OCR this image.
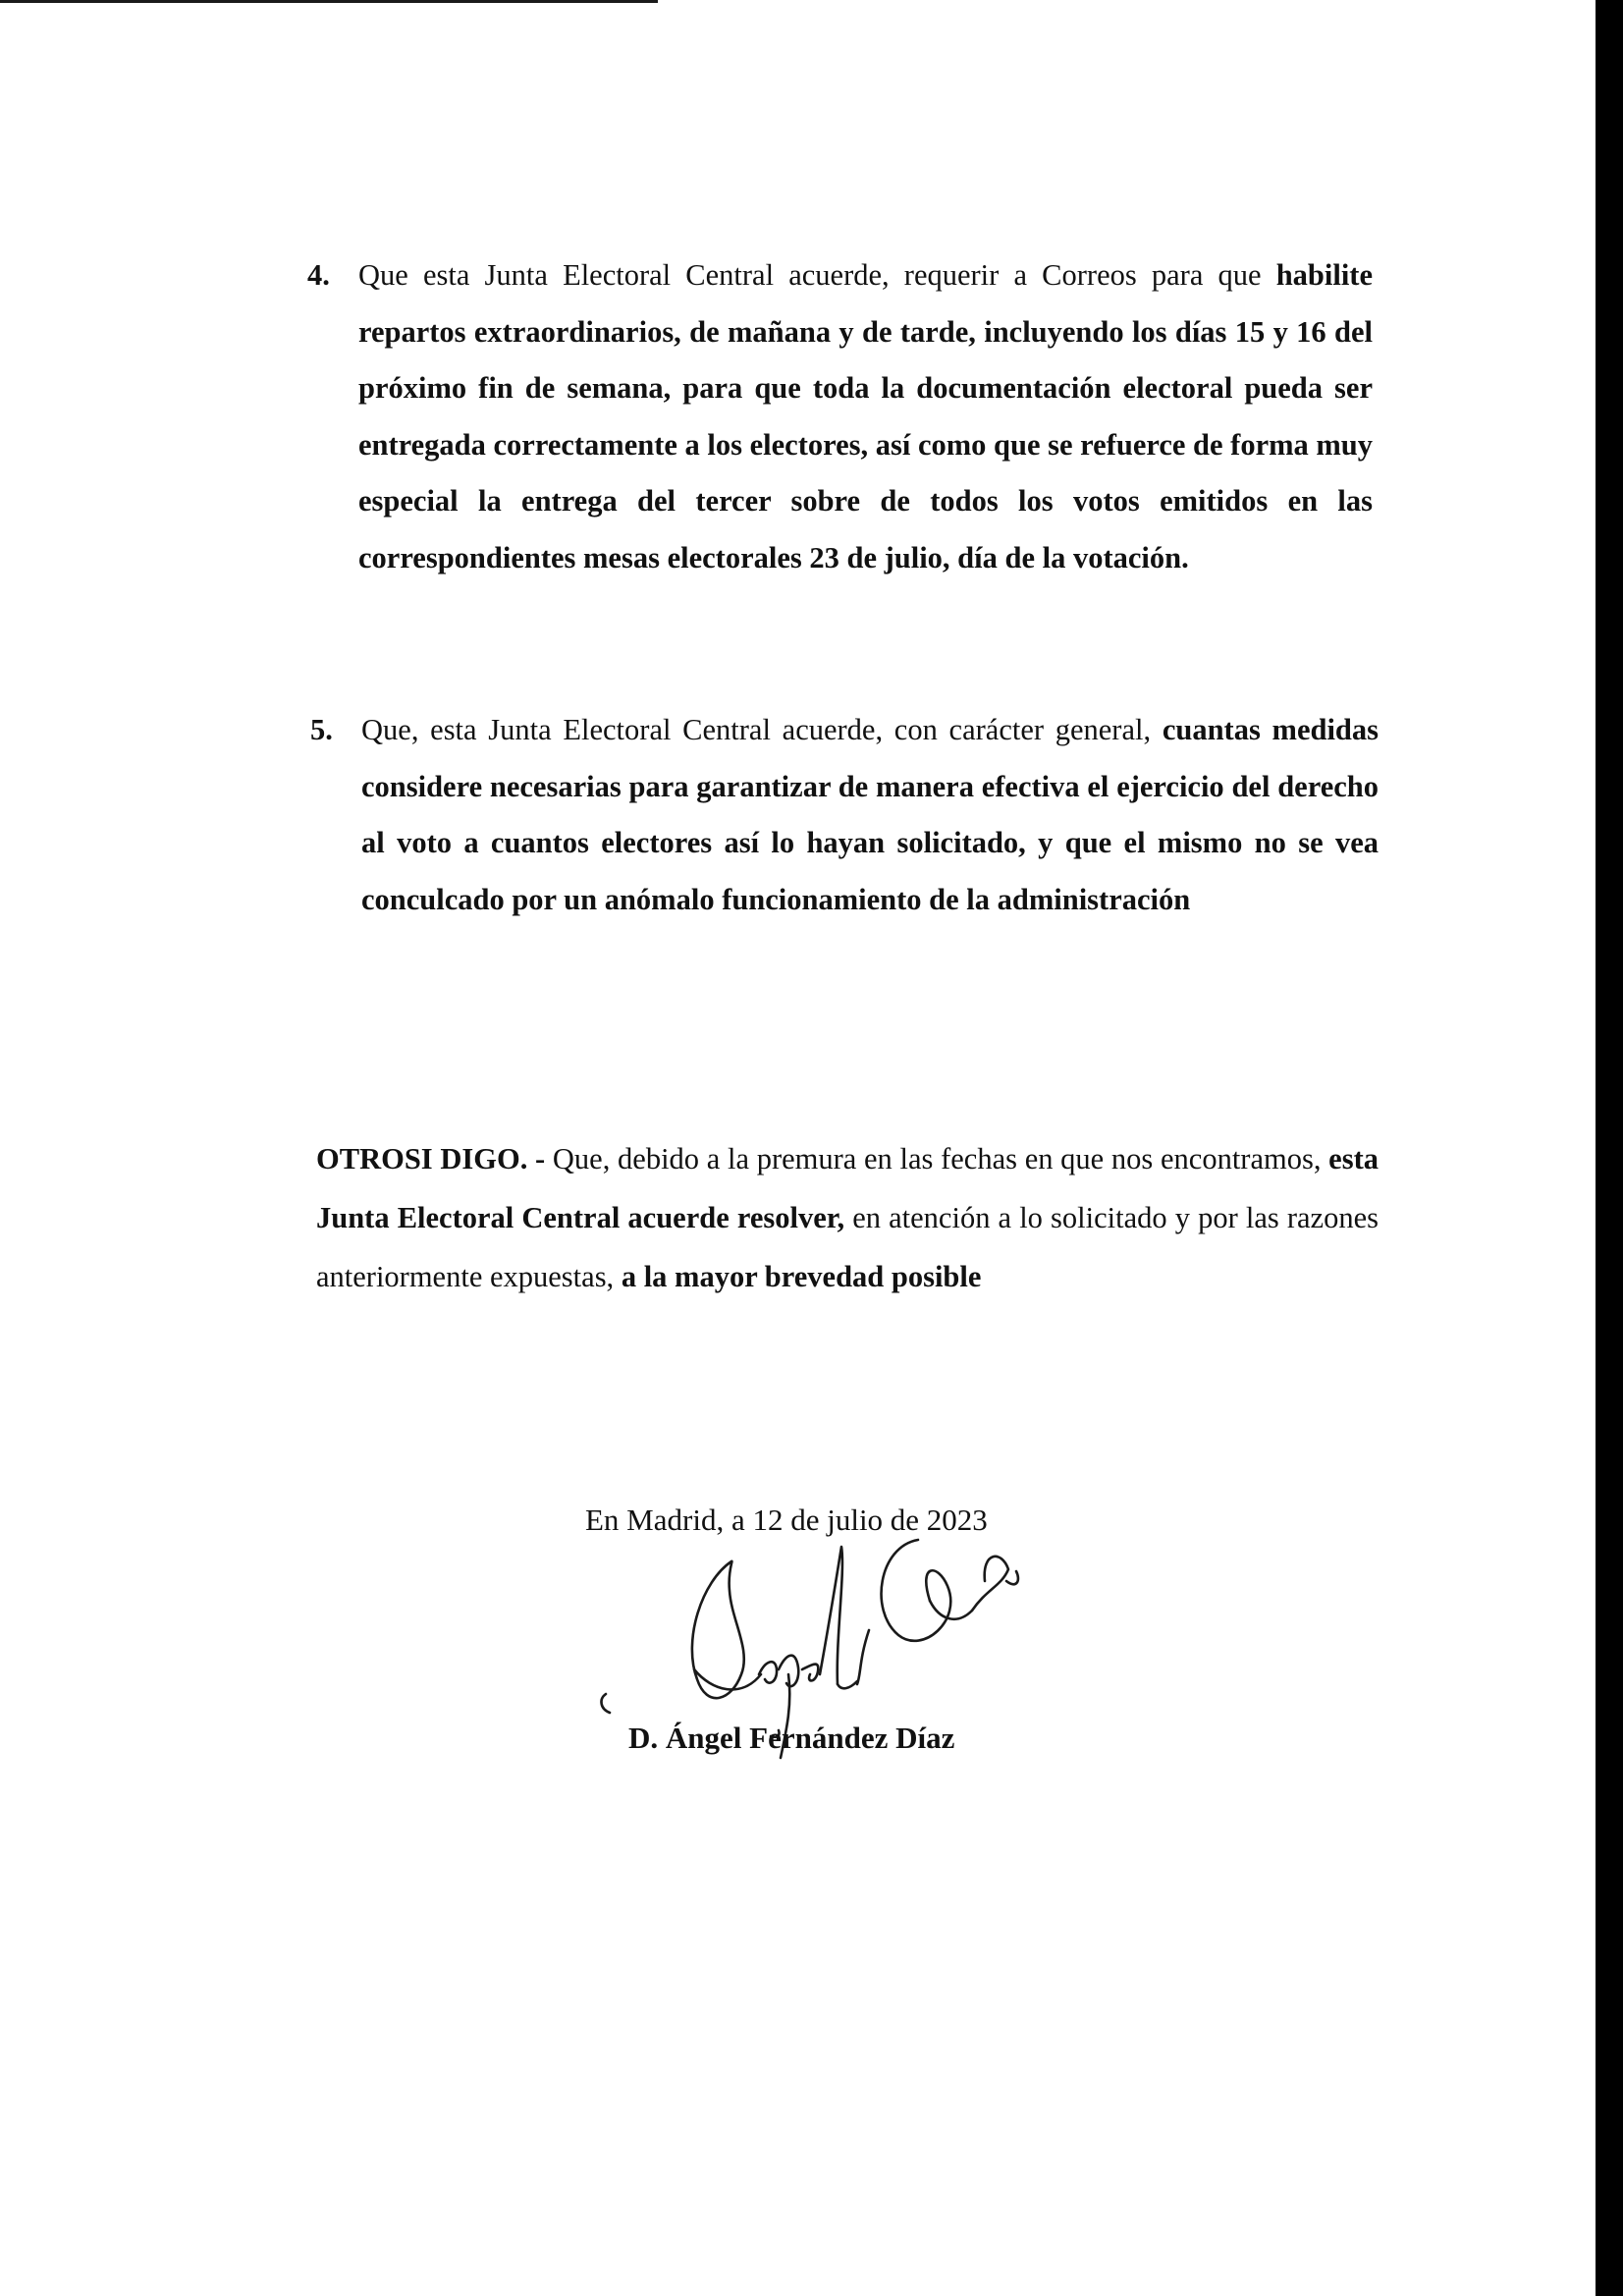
4. Que esta Junta Electoral Central acuerde, requerir a Correos para que habilite repartos extraordinarios, de mañana y de tarde, incluyendo los días 15 y 16 del próximo fin de semana, para que toda la documentación electoral pueda ser entregada correctamente a los electores, así como que se refuerce de forma muy especial la entrega del tercer sobre de todos los votos emitidos en las correspondientes mesas electorales 23 de julio, día de la votación.
5. Que, esta Junta Electoral Central acuerde, con carácter general, cuantas medidas considere necesarias para garantizar de manera efectiva el ejercicio del derecho al voto a cuantos electores así lo hayan solicitado, y que el mismo no se vea conculcado por un anómalo funcionamiento de la administración
OTROSI DIGO. - Que, debido a la premura en las fechas en que nos encontramos, esta Junta Electoral Central acuerde resolver, en atención a lo solicitado y por las razones anteriormente expuestas, a la mayor brevedad posible
En Madrid, a 12 de julio de 2023
D. Ángel Fernández Díaz
